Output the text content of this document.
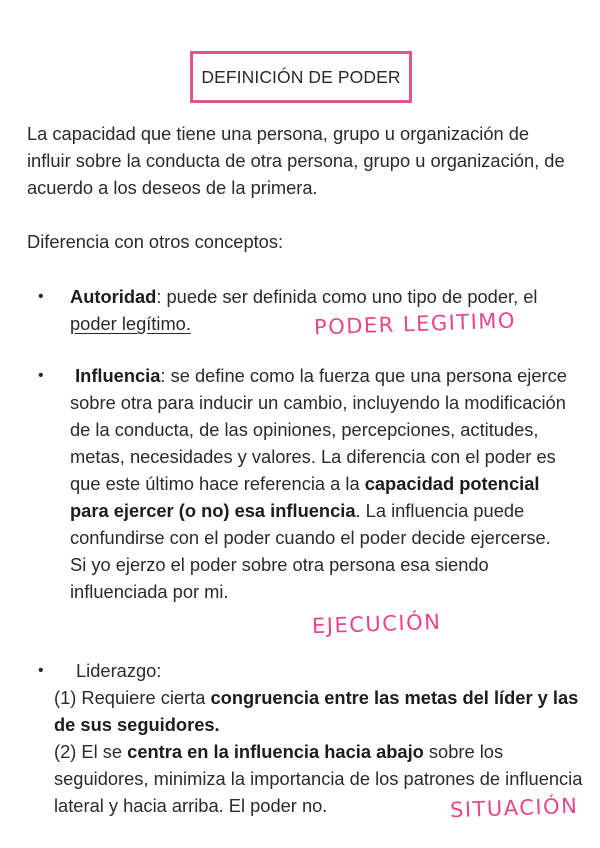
DEFINICIÓN DE PODER

La capacidad que tiene una persona, grupo u organización de influir sobre la conducta de otra persona, grupo u organización, de acuerdo a los deseos de la primera.

Diferencia con otros conceptos:

• Autoridad: puede ser definida como uno tipo de poder, el poder legítimo.	PODER LEGITIMO
• Influencia: se define como la fuerza que una persona ejerce sobre otra para inducir un cambio, incluyendo la modificación de la conducta, de las opiniones, percepciones, actitudes, metas, necesidades y valores. La diferencia con el poder es que este último hace referencia a la capacidad potencial para ejercer (o no) esa influencia. La influencia puede confundirse con el poder cuando el poder decide ejercerse. Si yo ejerzo el poder sobre otra persona esa siendo influenciada por mi.

EJECUCIÓN
• Liderazgo:

(1) Requiere cierta congruencia entre las metas del líder y las de sus seguidores.
(2) El se centra en la influencia hacia abajo sobre los seguidores, minimiza la importancia de los patrones de influencia lateral y hacia arriba. El poder no.	SITUACIÓN
